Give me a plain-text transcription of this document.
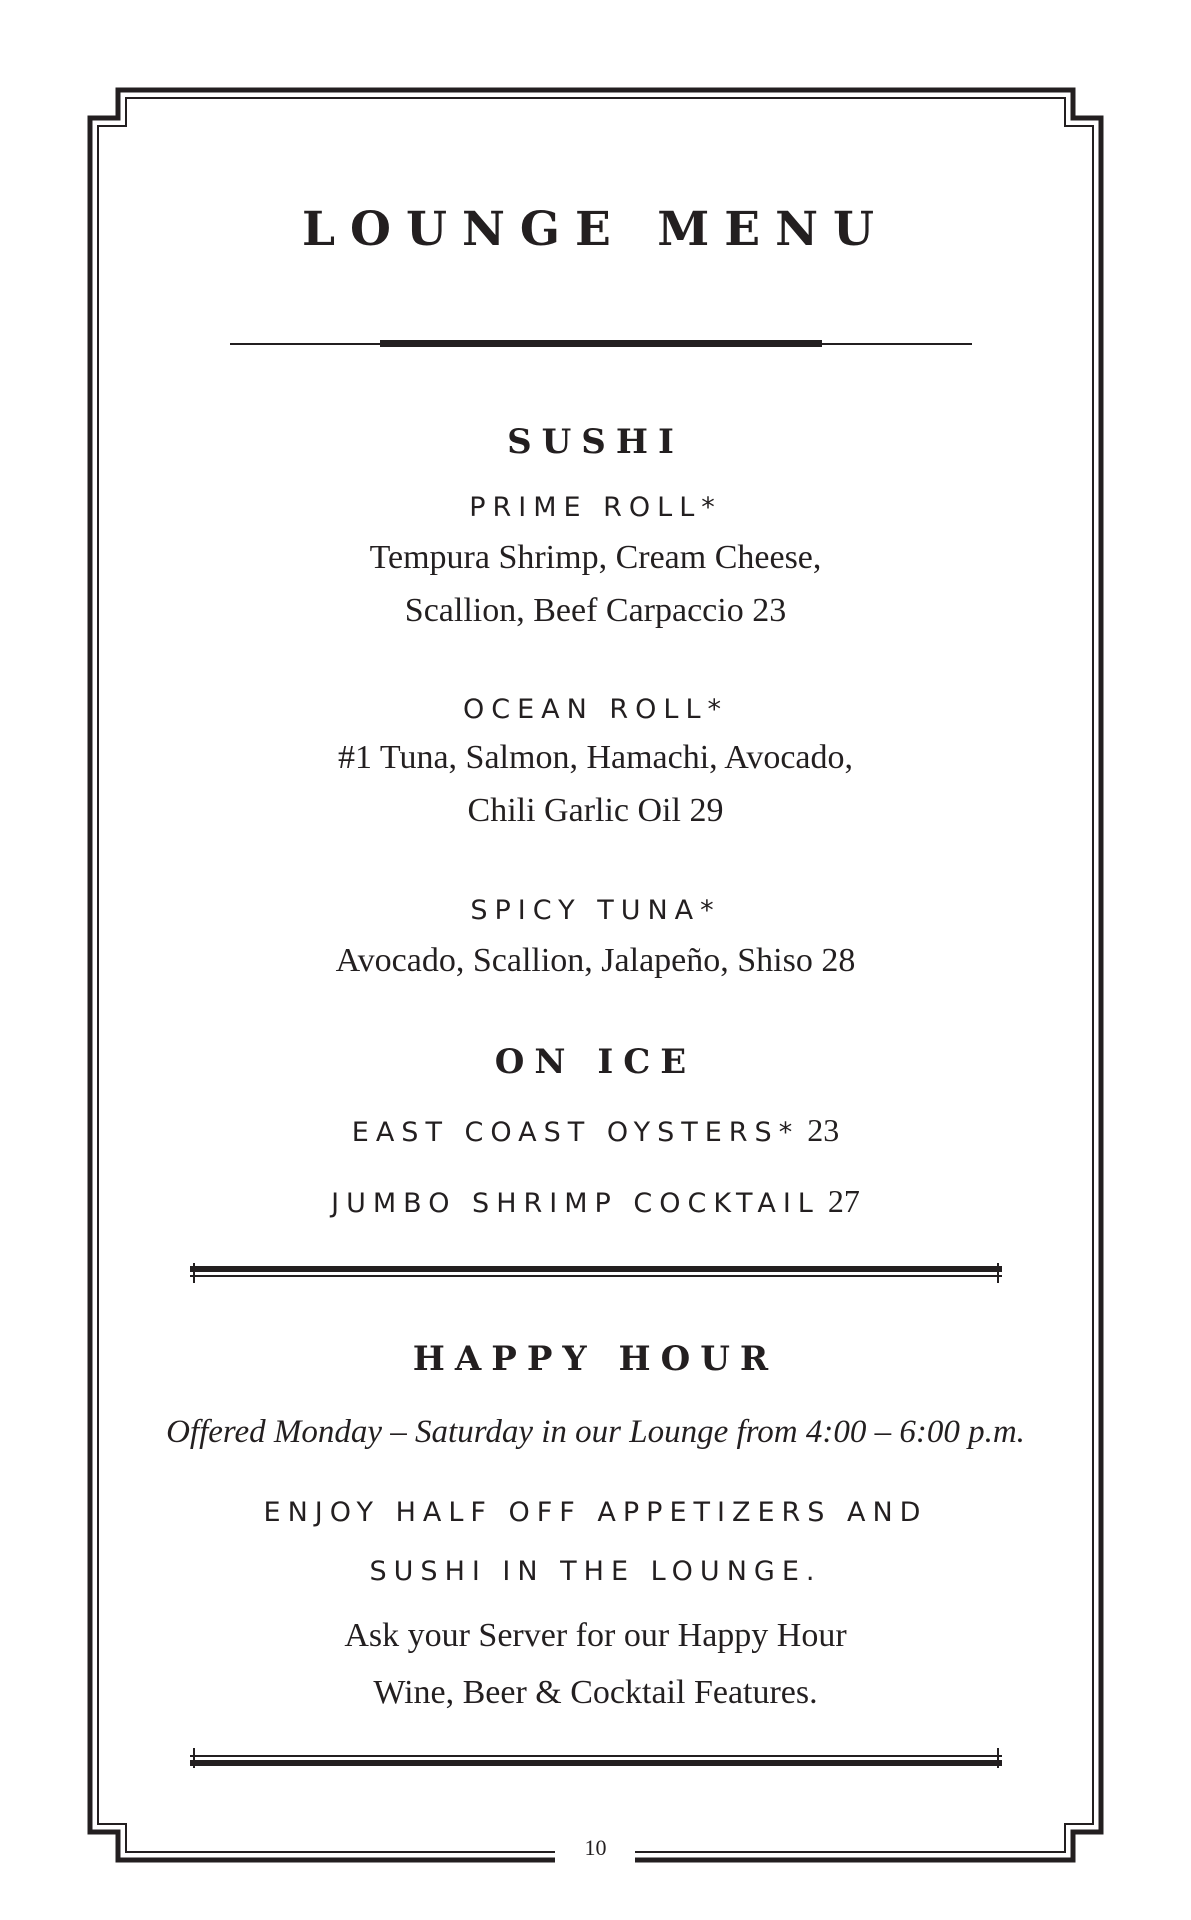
LOUNGE MENU
SUSHI
PRIME ROLL*
Tempura Shrimp, Cream Cheese,
Scallion, Beef Carpaccio 23
OCEAN ROLL*
#1 Tuna, Salmon, Hamachi, Avocado,
Chili Garlic Oil 29
SPICY TUNA*
Avocado, Scallion, Jalapeño, Shiso 28
ON ICE
EAST COAST OYSTERS* 23
JUMBO SHRIMP COCKTAIL 27
HAPPY HOUR
Offered Monday – Saturday in our Lounge from 4:00 – 6:00 p.m.
ENJOY HALF OFF APPETIZERS AND
SUSHI IN THE LOUNGE.
Ask your Server for our Happy Hour
Wine, Beer & Cocktail Features.
10
